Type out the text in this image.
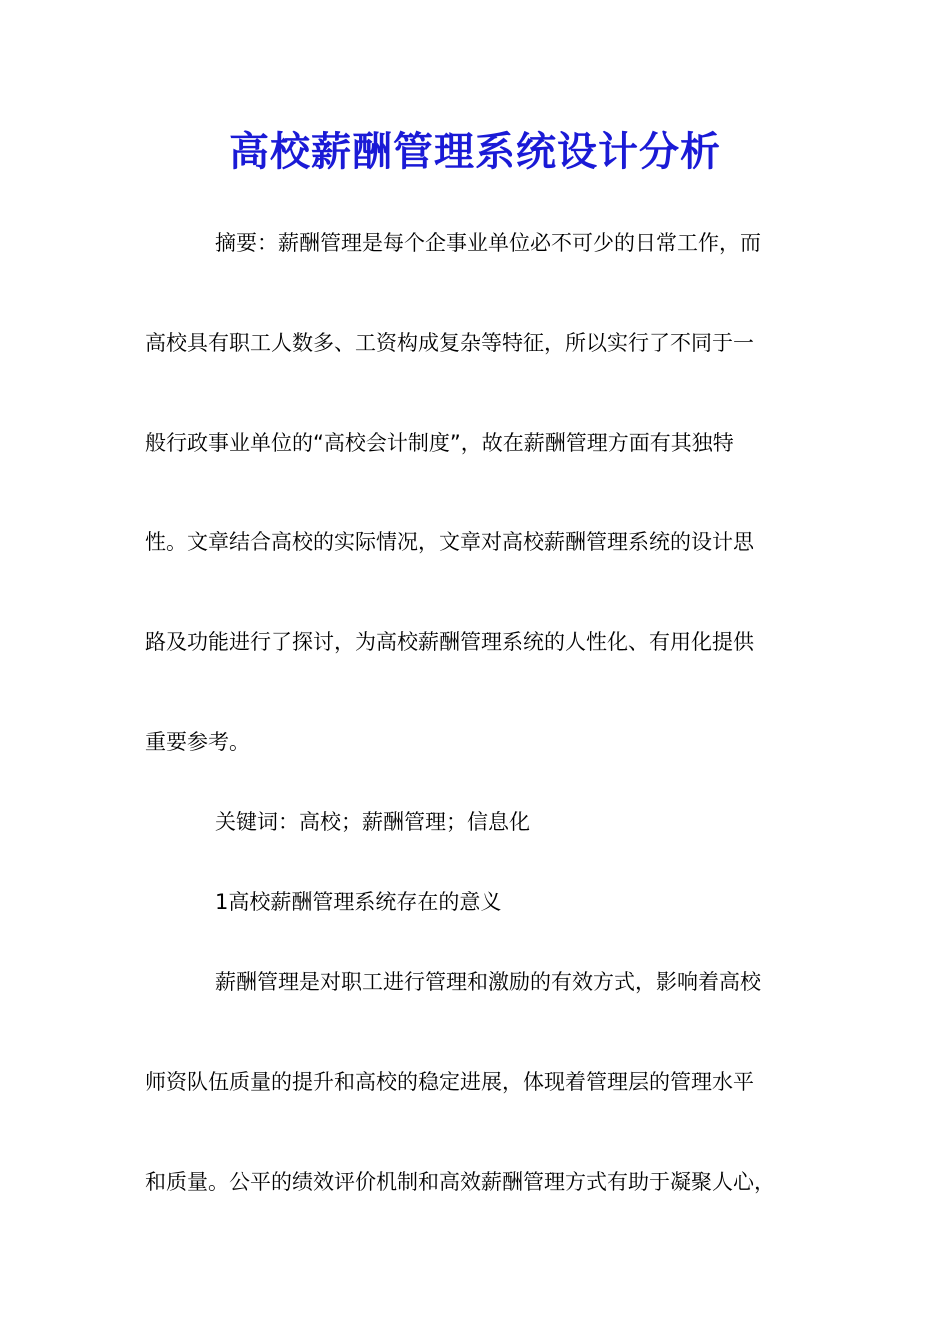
高校薪酬管理系统设计分析
摘要：薪酬管理是每个企事业单位必不可少的日常工作，而
高校具有职工人数多、工资构成复杂等特征，所以实行了不同于一
般行政事业单位的“高校会计制度”，故在薪酬管理方面有其独特
性。文章结合高校的实际情况，文章对高校薪酬管理系统的设计思
路及功能进行了探讨，为高校薪酬管理系统的人性化、有用化提供
重要参考。
关键词：高校；薪酬管理；信息化
1高校薪酬管理系统存在的意义
薪酬管理是对职工进行管理和激励的有效方式，影响着高校
师资队伍质量的提升和高校的稳定进展，体现着管理层的管理水平
和质量。公平的绩效评价机制和高效薪酬管理方式有助于凝聚人心，
